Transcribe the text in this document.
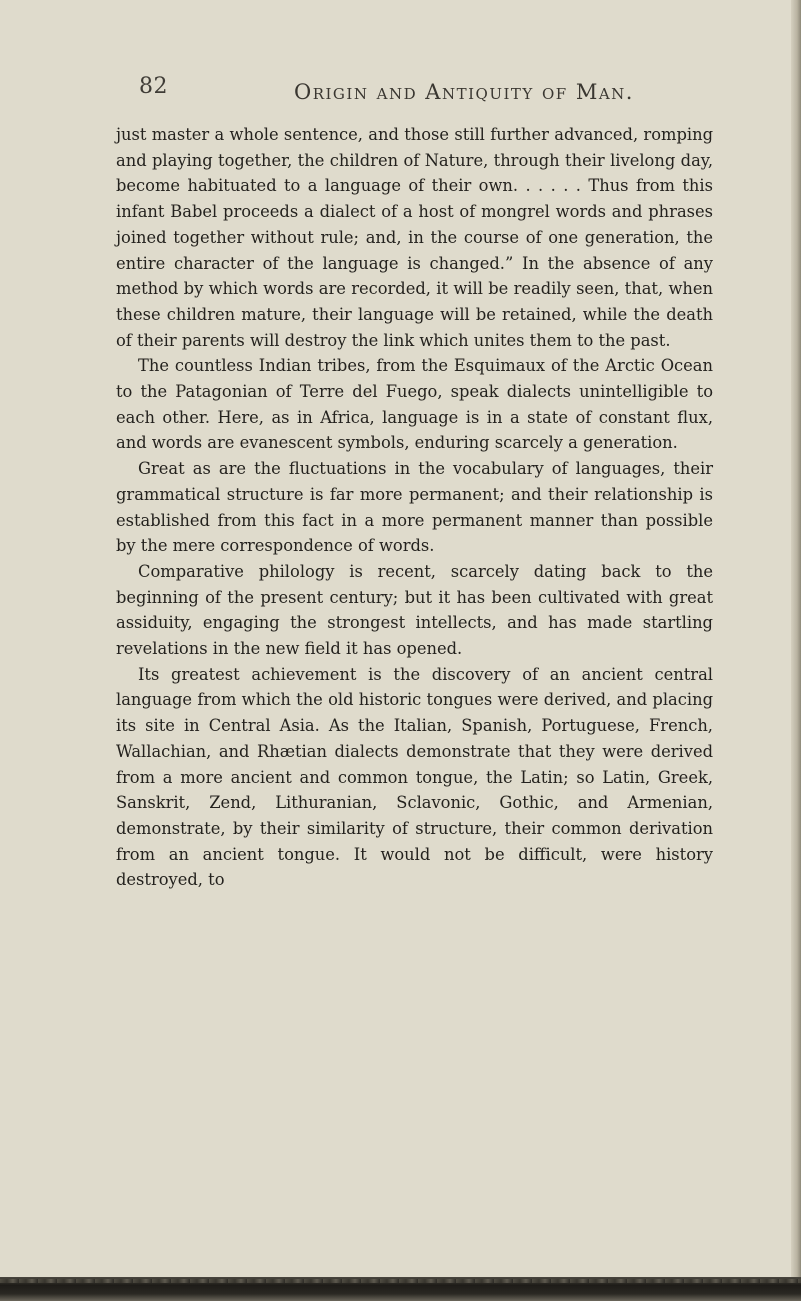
82	Origin and Antiquity of Man.

just master a whole sentence, and those still further advanced, romping and playing together, the children of Nature, through their livelong day, become habituated to a language of their own. . . . . . Thus from this infant Babel proceeds a dialect of a host of mongrel words and phrases joined together without rule; and, in the course of one generation, the entire character of the language is changed.” In the absence of any method by which words are recorded, it will be readily seen, that, when these children mature, their language will be retained, while the death of their parents will destroy the link which unites them to the past.

The countless Indian tribes, from the Esquimaux of the Arctic Ocean to the Patagonian of Terre del Fuego, speak dialects unintelligible to each other. Here, as in Africa, language is in a state of constant flux, and words are evanescent symbols, enduring scarcely a generation.

Great as are the fluctuations in the vocabulary of languages, their grammatical structure is far more permanent; and their relationship is established from this fact in a more permanent manner than possible by the mere correspondence of words.

Comparative philology is recent, scarcely dating back to the beginning of the present century; but it has been cultivated with great assiduity, engaging the strongest intellects, and has made startling revelations in the new field it has opened.

Its greatest achievement is the discovery of an ancient central language from which the old historic tongues were derived, and placing its site in Central Asia. As the Italian, Spanish, Portuguese, French, Wallachian, and Rhætian dialects demonstrate that they were derived from a more ancient and common tongue, the Latin; so Latin, Greek, Sanskrit, Zend, Lithuranian, Sclavonic, Gothic, and Armenian, demonstrate, by their similarity of structure, their common derivation from an ancient tongue. It would not be difficult, were history destroyed, to
